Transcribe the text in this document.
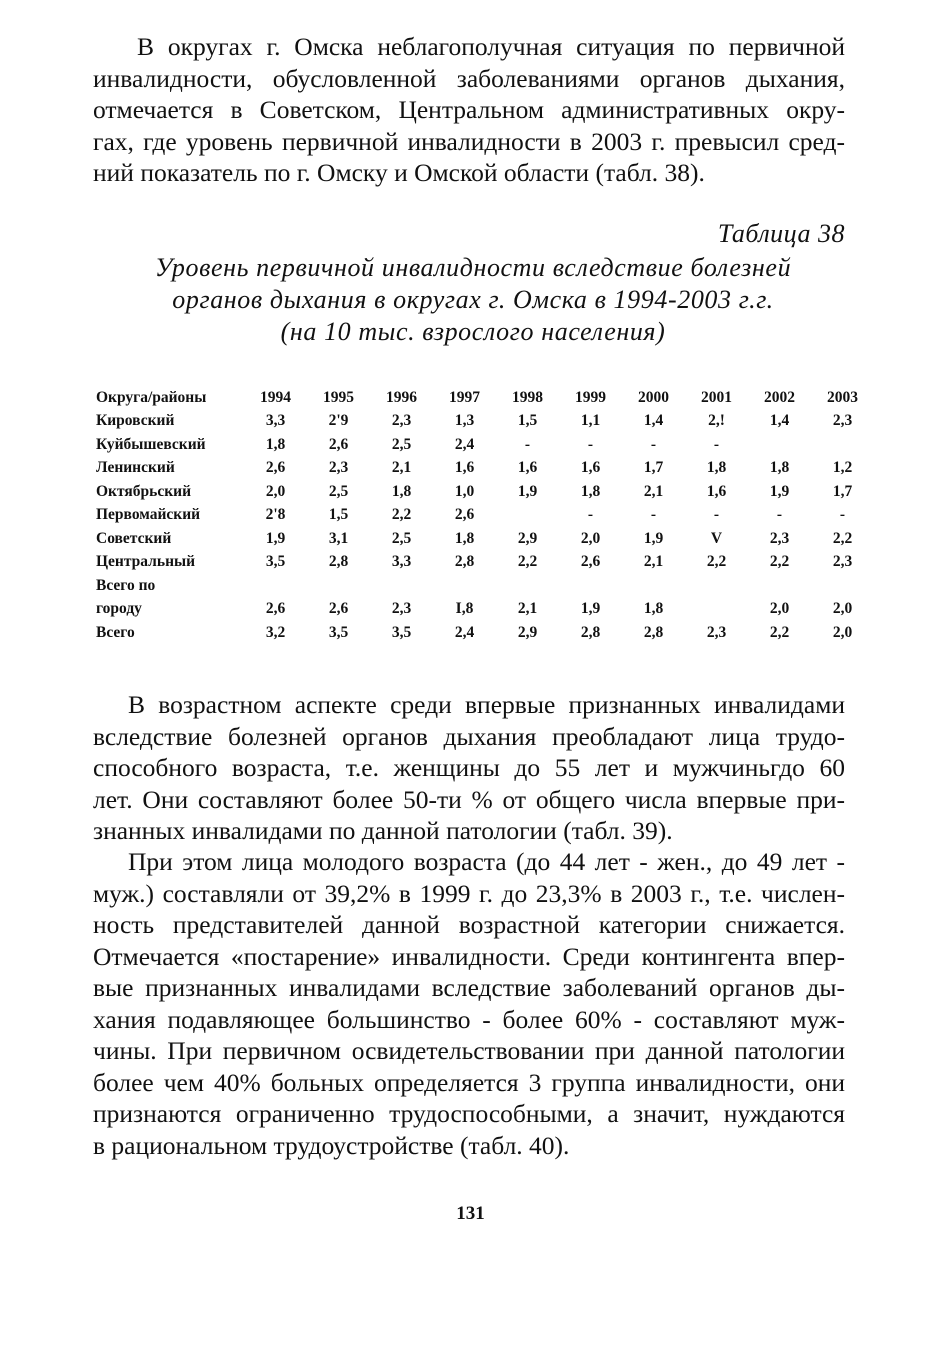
В округах г. Омска неблагополучная ситуация по первичной
инвалидности, обусловленной заболеваниями органов дыхания,
отмечается в Советском, Центральном административных окру-
гах, где уровень первичной инвалидности в 2003 г. превысил сред-
ний показатель по г. Омску и Омской области (табл. 38).
Таблица 38
Уровень первичной инвалидности вследствие болезней
органов дыхания в округах г. Омска в 1994-2003 г.г.
(на 10 тыс. взрослого населения)
Округа/районы	1994	1995	1996	1997	1998	1999	2000	2001	2002	2003
Кировский	3,3	2'9	2,3	1,3	1,5	1,1	1,4	2,!	1,4	2,3
Куйбышевский	1,8	2,6	2,5	2,4	-	-	-	-		
Ленинский	2,6	2,3	2,1	1,6	1,6	1,6	1,7	1,8	1,8	1,2
Октябрьский	2,0	2,5	1,8	1,0	1,9	1,8	2,1	1,6	1,9	1,7
Первомайский	2'8	1,5	2,2	2,6		-	-	-	-	-
Советский	1,9	3,1	2,5	1,8	2,9	2,0	1,9	V	2,3	2,2
Центральный	3,5	2,8	3,3	2,8	2,2	2,6	2,1	2,2	2,2	2,3
Всего по										
городу	2,6	2,6	2,3	I,8	2,1	1,9	1,8		2,0	2,0
Всего	3,2	3,5	3,5	2,4	2,9	2,8	2,8	2,3	2,2	2,0
В возрастном аспекте среди впервые признанных инвалидами
вследствие болезней органов дыхания преобладают лица трудо-
способного возраста, т.е. женщины до 55 лет и мужчиньгдо 60
лет. Они составляют более 50-ти % от общего числа впервые при-
знанных инвалидами по данной патологии (табл. 39).
При этом лица молодого возраста (до 44 лет - жен., до 49 лет -
муж.) составляли от 39,2% в 1999 г. до 23,3% в 2003 г., т.е. числен-
ность представителей данной возрастной категории снижается.
Отмечается «постарение» инвалидности. Среди контингента впер-
вые признанных инвалидами вследствие заболеваний органов ды-
хания подавляющее большинство - более 60% - составляют муж-
чины. При первичном освидетельствовании при данной патологии
более чем 40% больных определяется 3 группа инвалидности, они
признаются ограниченно трудоспособными, а значит, нуждаются
в рациональном трудоустройстве (табл. 40).
131
